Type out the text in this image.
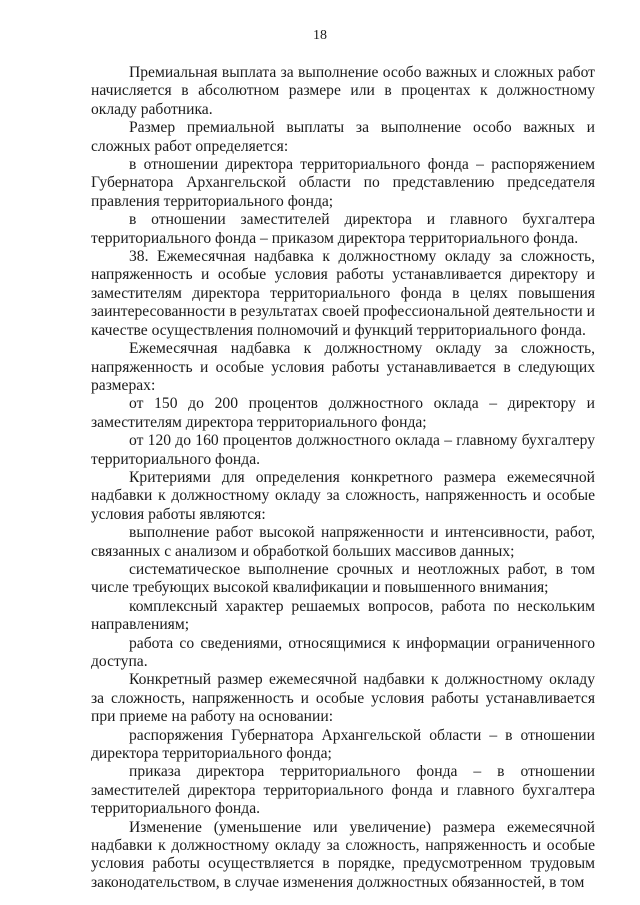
18

Премиальная выплата за выполнение особо важных и сложных работ начисляется в абсолютном размере или в процентах к должностному окладу работника.

Размер премиальной выплаты за выполнение особо важных и сложных работ определяется:

в отношении директора территориального фонда – распоряжением Губернатора Архангельской области по представлению председателя правления территориального фонда;

в отношении заместителей директора и главного бухгалтера территориального фонда – приказом директора территориального фонда.

38. Ежемесячная надбавка к должностному окладу за сложность, напряженность и особые условия работы устанавливается директору и заместителям директора территориального фонда в целях повышения заинтересованности в результатах своей профессиональной деятельности и качестве осуществления полномочий и функций территориального фонда.

Ежемесячная надбавка к должностному окладу за сложность, напряженность и особые условия работы устанавливается в следующих размерах:

от 150 до 200 процентов должностного оклада – директору и заместителям директора территориального фонда;

от 120 до 160 процентов должностного оклада – главному бухгалтеру территориального фонда.

Критериями для определения конкретного размера ежемесячной надбавки к должностному окладу за сложность, напряженность и особые условия работы являются:

выполнение работ высокой напряженности и интенсивности, работ, связанных с анализом и обработкой больших массивов данных;

систематическое выполнение срочных и неотложных работ, в том числе требующих высокой квалификации и повышенного внимания;

комплексный характер решаемых вопросов, работа по нескольким направлениям;

работа со сведениями, относящимися к информации ограниченного доступа.

Конкретный размер ежемесячной надбавки к должностному окладу за сложность, напряженность и особые условия работы устанавливается при приеме на работу на основании:

распоряжения Губернатора Архангельской области – в отношении директора территориального фонда;

приказа директора территориального фонда – в отношении заместителей директора территориального фонда и главного бухгалтера территориального фонда.

Изменение (уменьшение или увеличение) размера ежемесячной надбавки к должностному окладу за сложность, напряженность и особые условия работы осуществляется в порядке, предусмотренном трудовым законодательством, в случае изменения должностных обязанностей, в том
